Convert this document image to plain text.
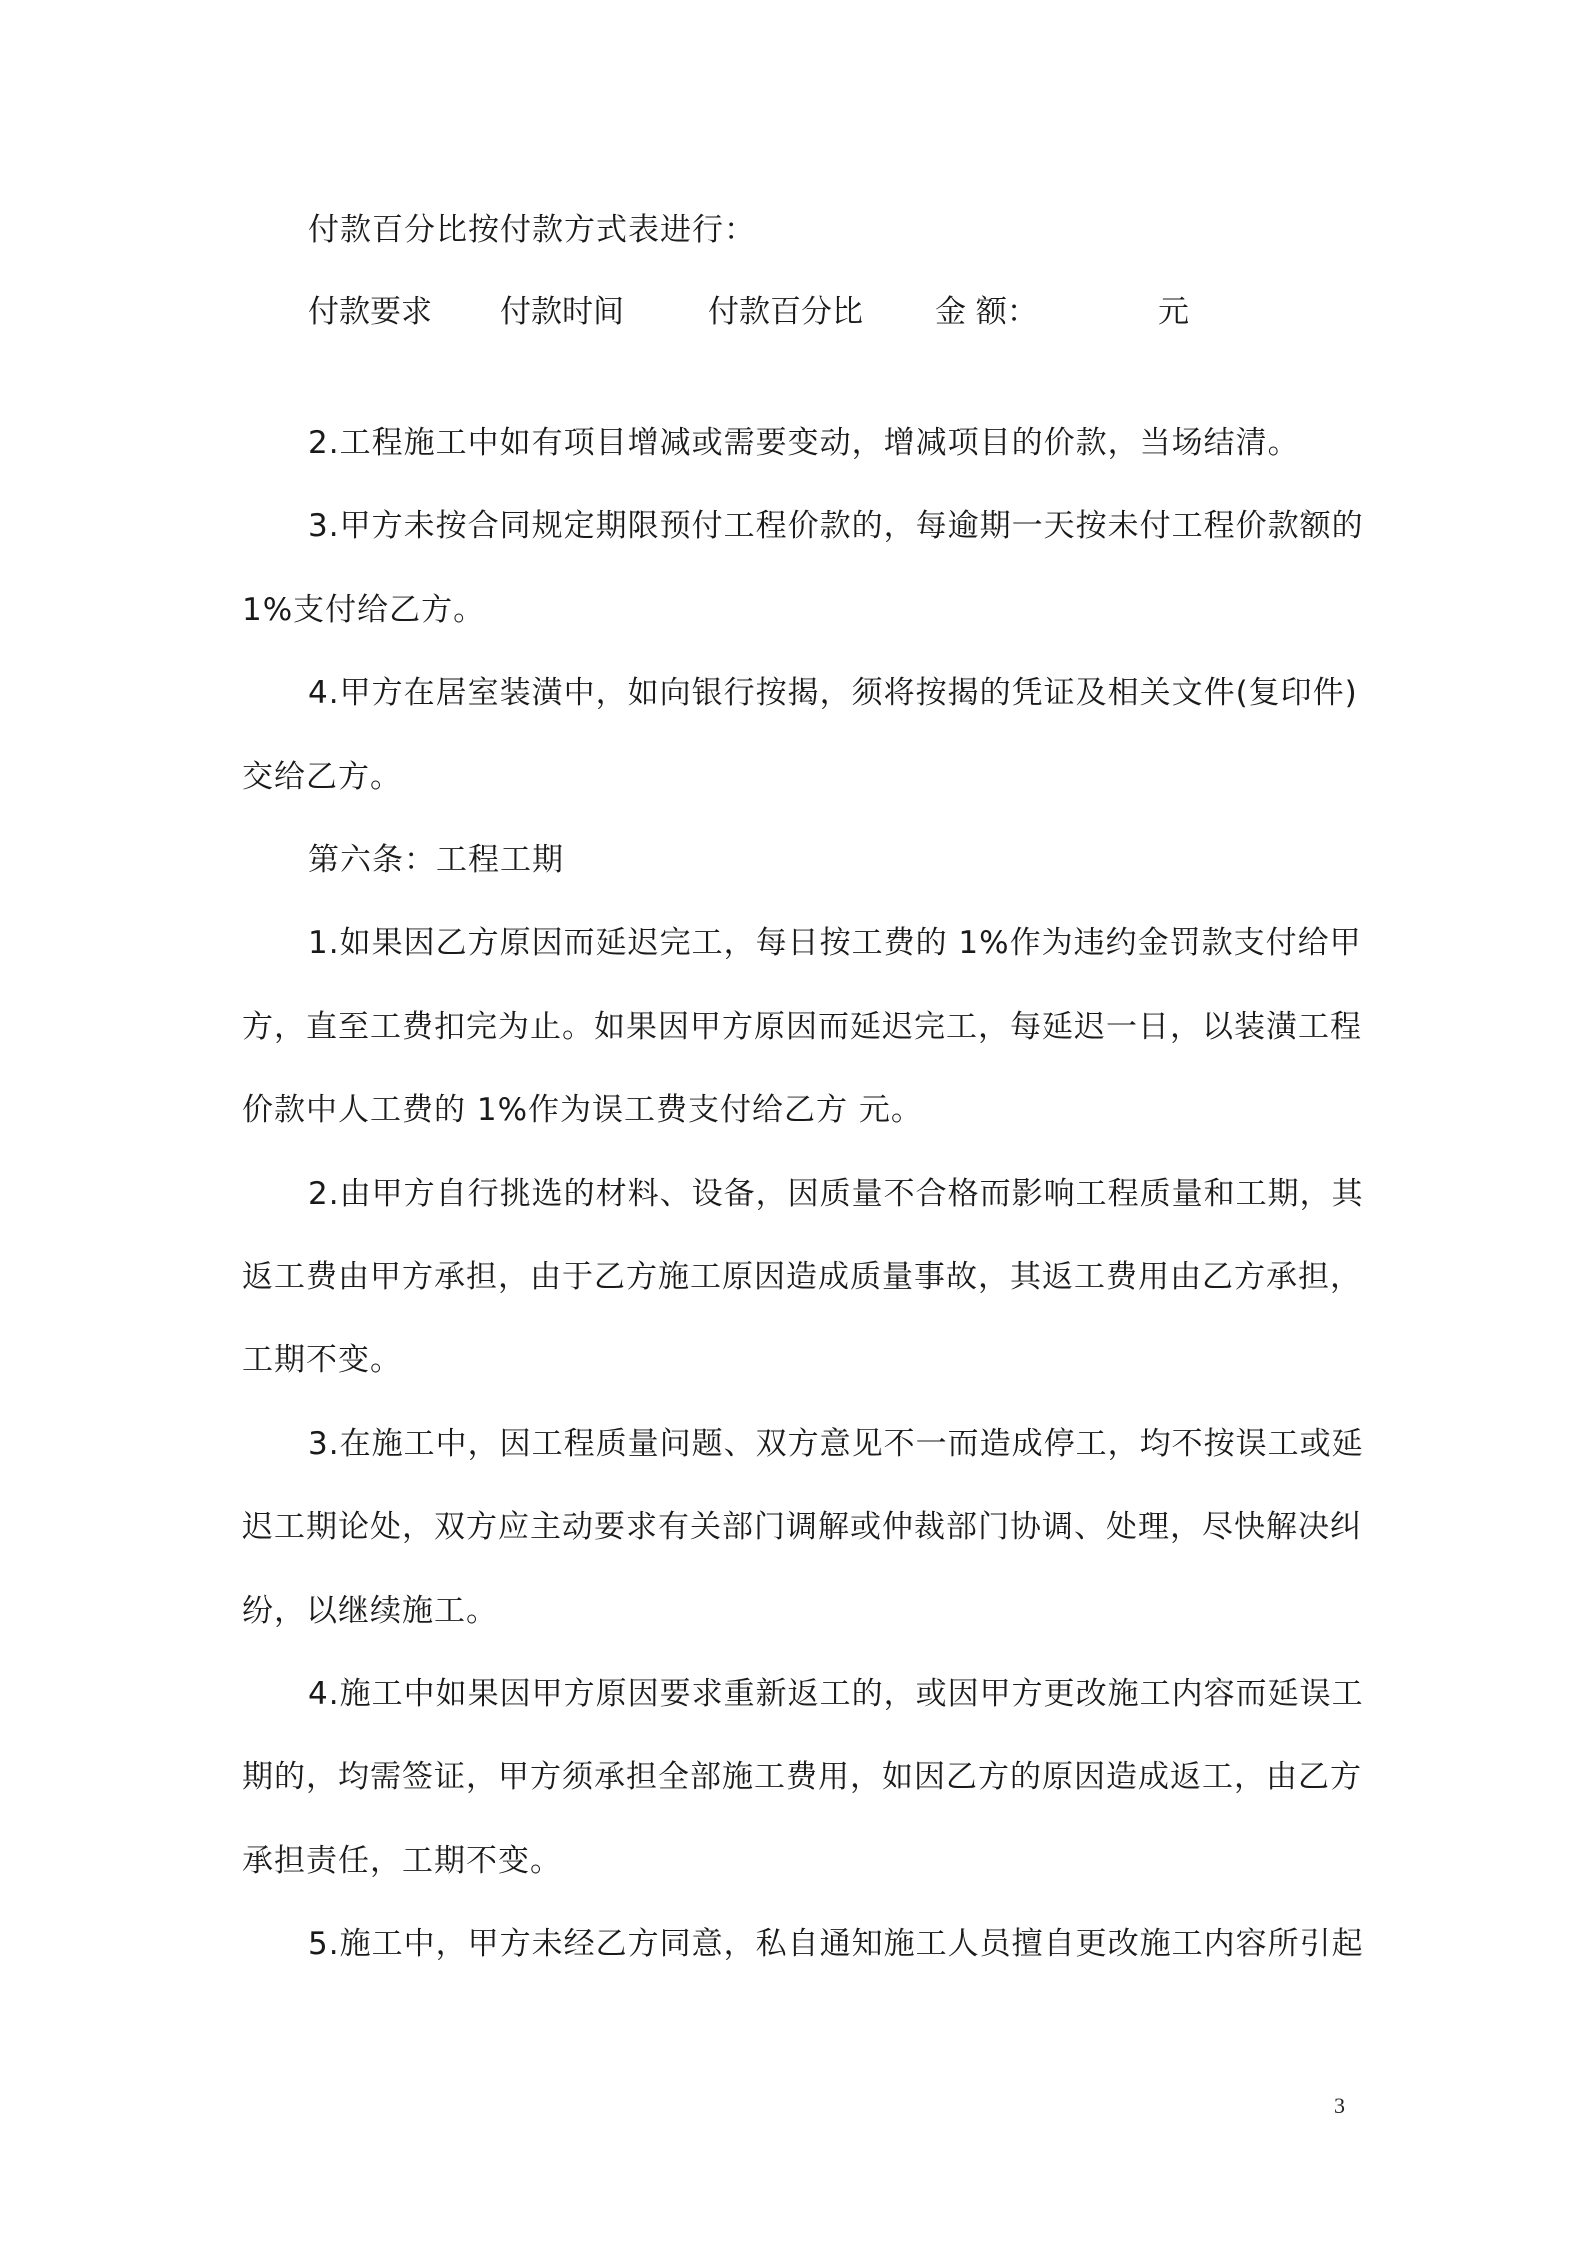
付款百分比按付款方式表进行：
付款要求 付款时间	付款百分比 金 额：	元
2.工程施工中如有项目增减或需要变动，增减项目的价款，当场结清。
3.甲方未按合同规定期限预付工程价款的，每逾期一天按未付工程价款额的
1%支付给乙方。
4.甲方在居室装潢中，如向银行按揭，须将按揭的凭证及相关文件(复印件)
交给乙方。
第六条：工程工期
1.如果因乙方原因而延迟完工，每日按工费的 1%作为违约金罚款支付给甲
方，直至工费扣完为止。如果因甲方原因而延迟完工，每延迟一日，以装潢工程
价款中人工费的 1%作为误工费支付给乙方 元。
2.由甲方自行挑选的材料、设备，因质量不合格而影响工程质量和工期，其
返工费由甲方承担，由于乙方施工原因造成质量事故，其返工费用由乙方承担，
工期不变。
3.在施工中，因工程质量问题、双方意见不一而造成停工，均不按误工或延
迟工期论处，双方应主动要求有关部门调解或仲裁部门协调、处理，尽快解决纠
纷，以继续施工。
4.施工中如果因甲方原因要求重新返工的，或因甲方更改施工内容而延误工
期的，均需签证，甲方须承担全部施工费用，如因乙方的原因造成返工，由乙方
承担责任，工期不变。
5.施工中，甲方未经乙方同意，私自通知施工人员擅自更改施工内容所引起
3
